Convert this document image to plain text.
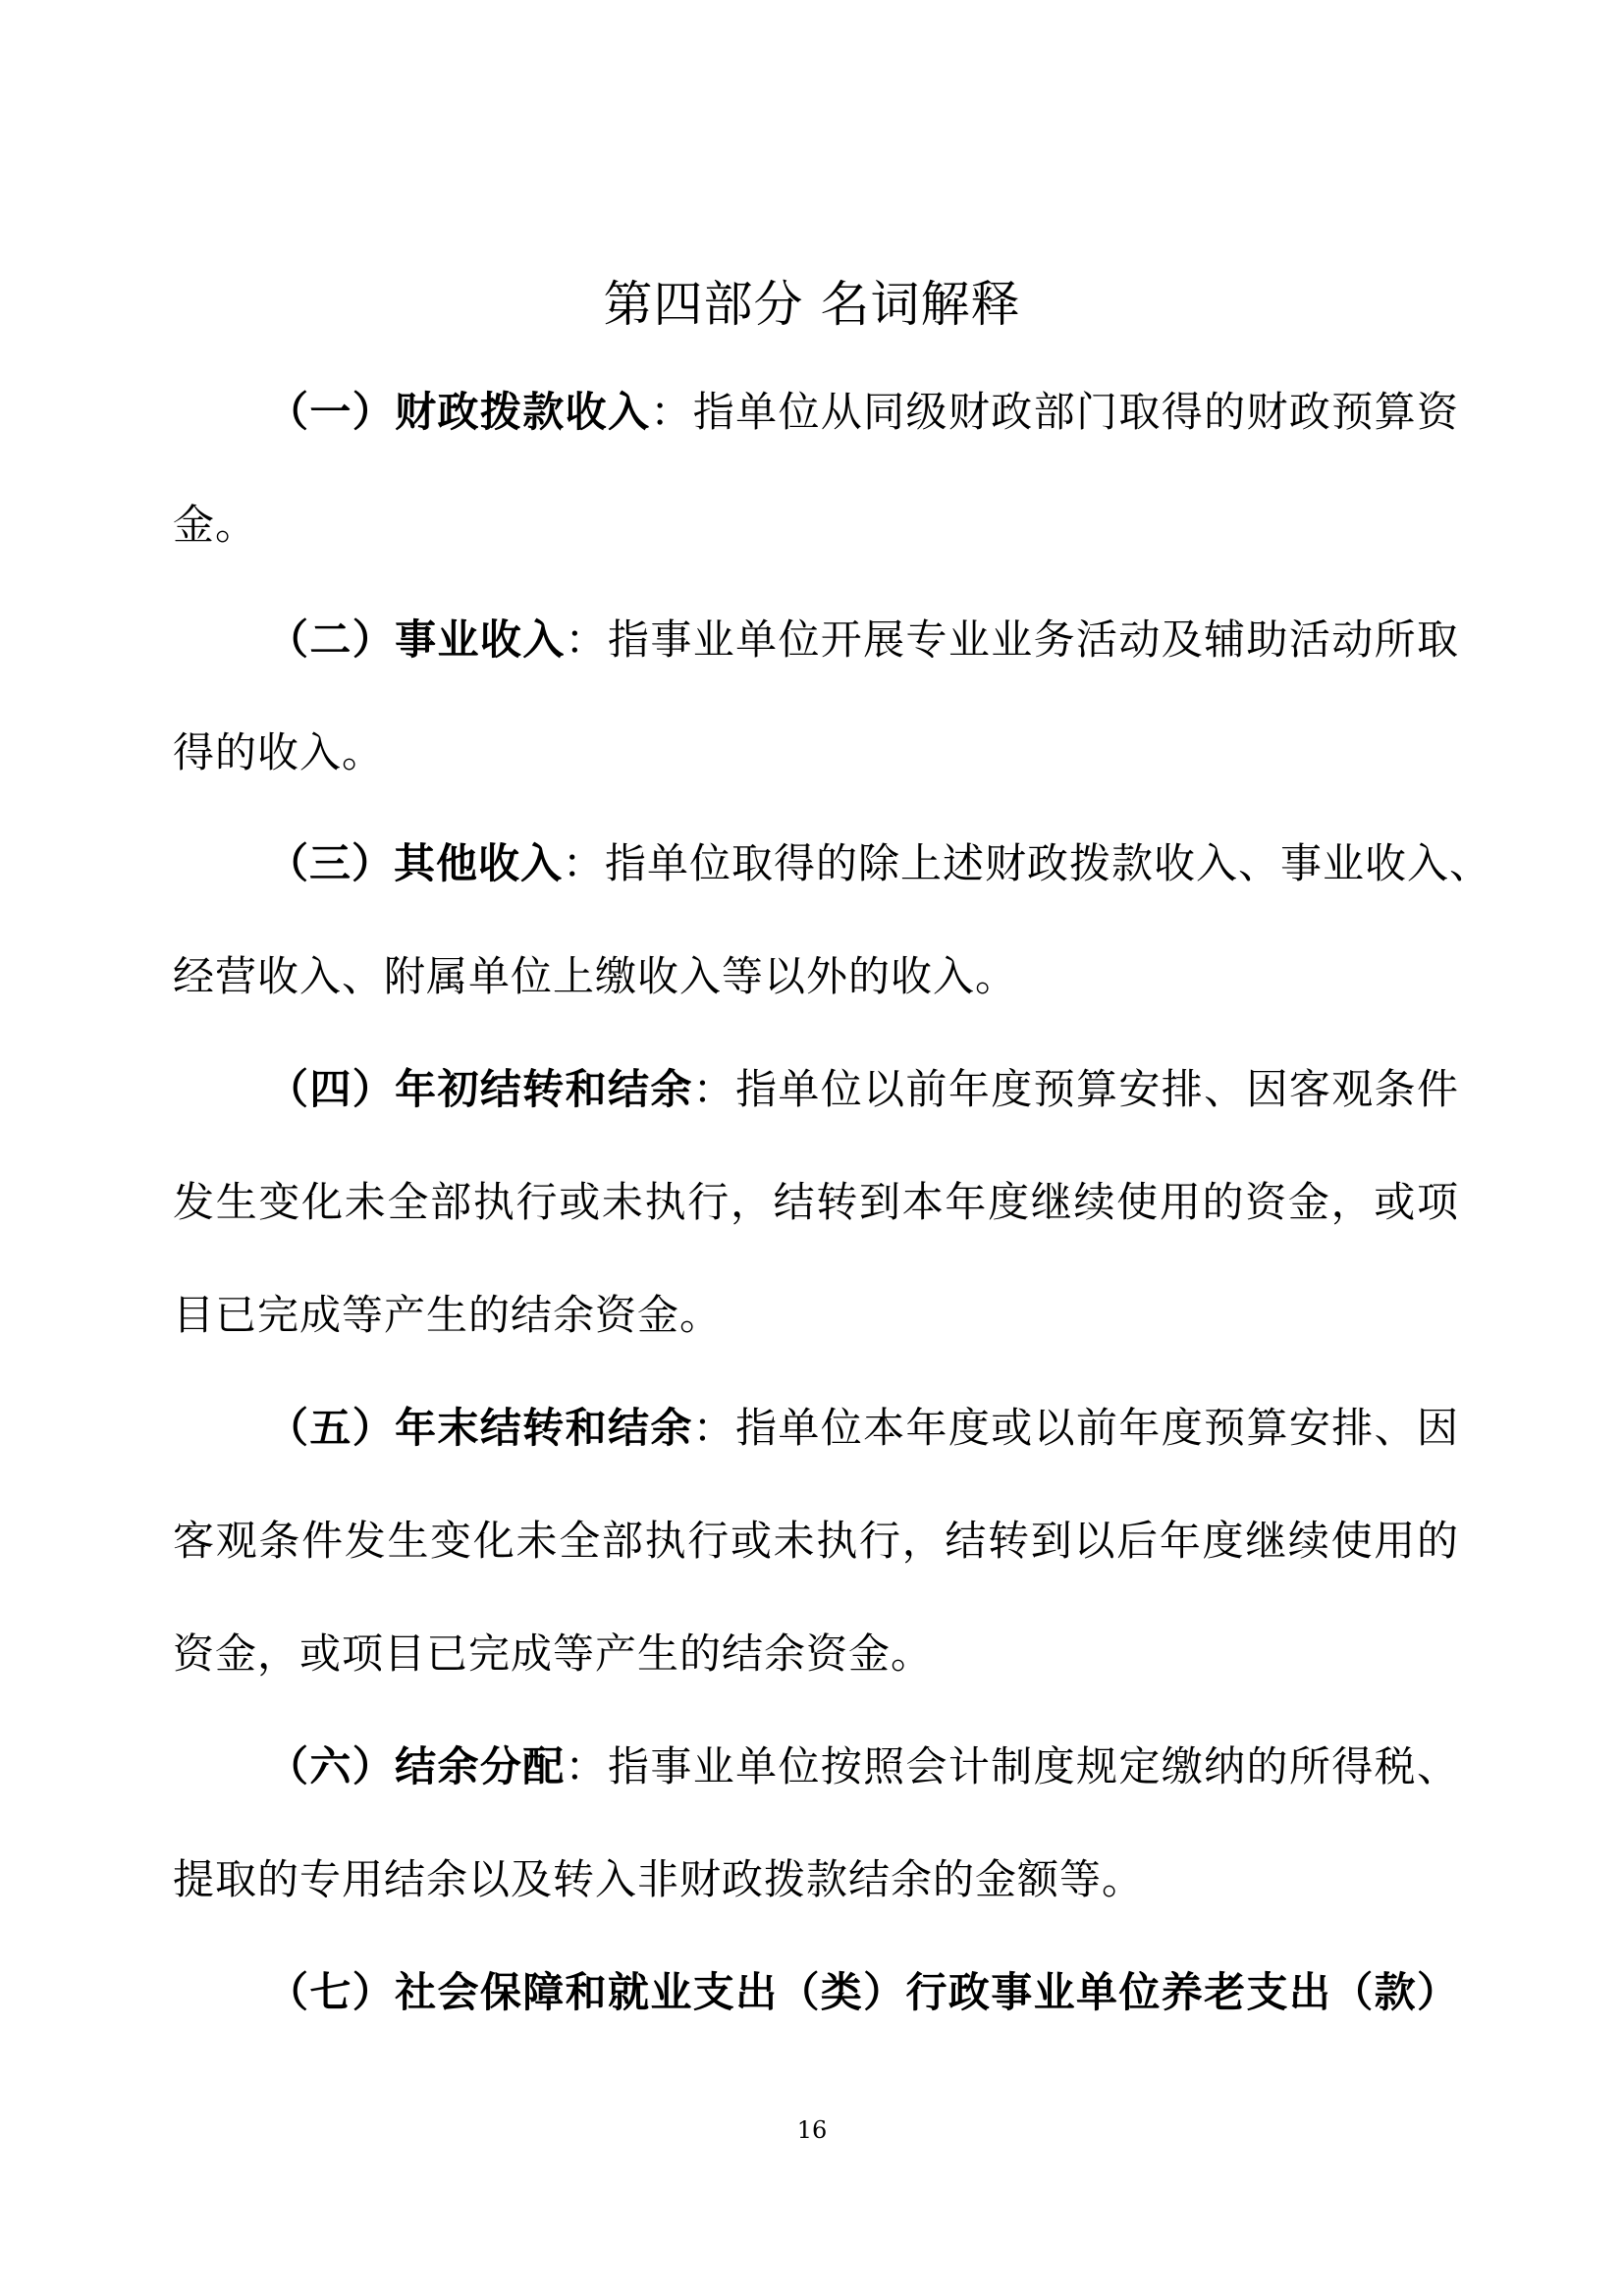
第四部分 名词解释
（一）财政拨款收入：指单位从同级财政部门取得的财政预算资
金。
（二）事业收入：指事业单位开展专业业务活动及辅助活动所取
得的收入。
（三）其他收入：指单位取得的除上述财政拨款收入、事业收入、
经营收入、附属单位上缴收入等以外的收入。
（四）年初结转和结余：指单位以前年度预算安排、因客观条件
发生变化未全部执行或未执行，结转到本年度继续使用的资金，或项
目已完成等产生的结余资金。
（五）年末结转和结余：指单位本年度或以前年度预算安排、因
客观条件发生变化未全部执行或未执行，结转到以后年度继续使用的
资金，或项目已完成等产生的结余资金。
（六）结余分配：指事业单位按照会计制度规定缴纳的所得税、
提取的专用结余以及转入非财政拨款结余的金额等。
（七）社会保障和就业支出（类）行政事业单位养老支出（款）
16
